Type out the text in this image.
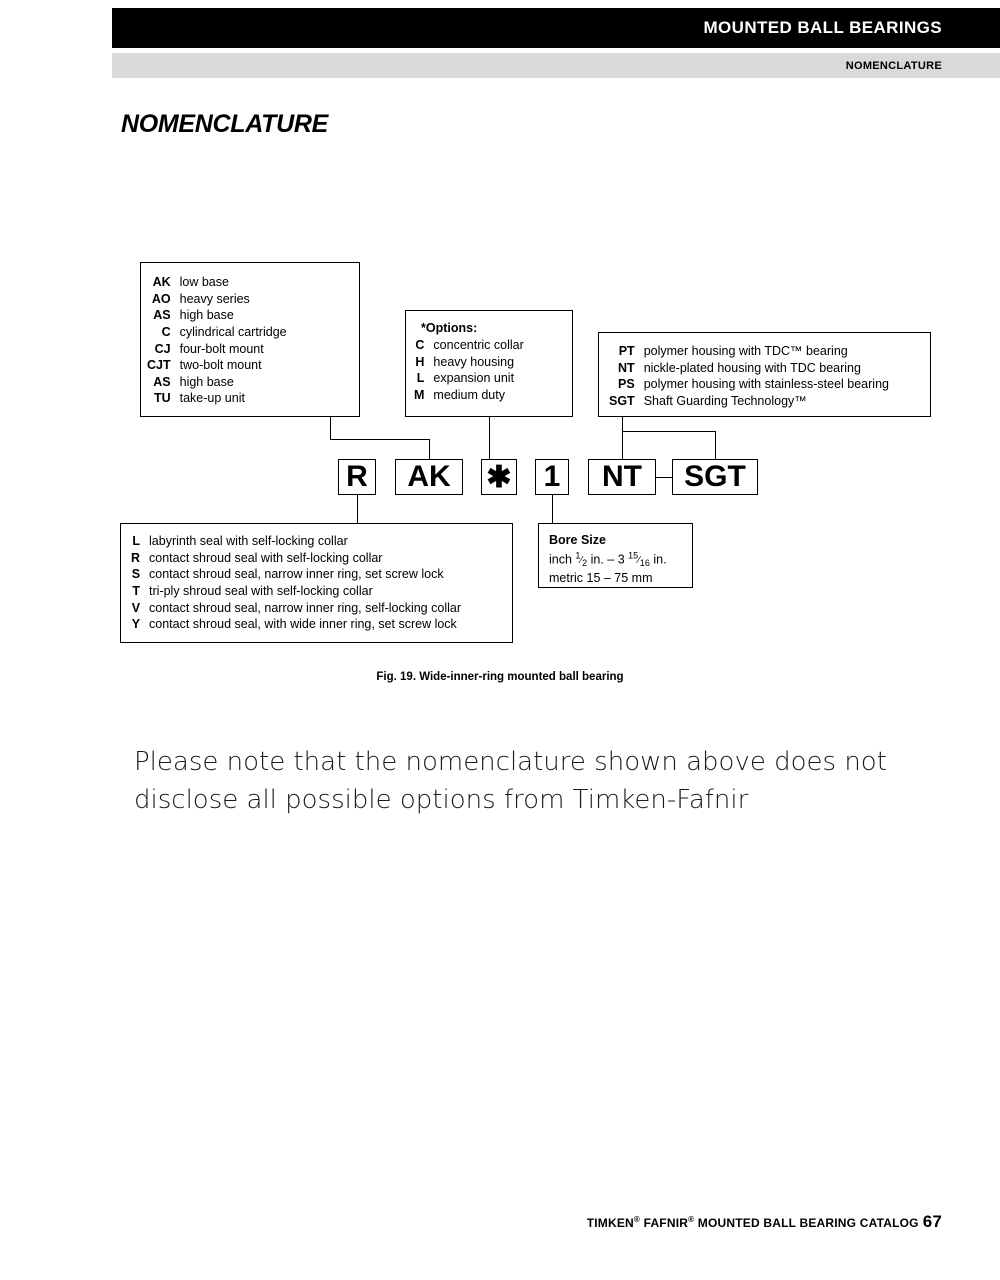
MOUNTED BALL BEARINGS
NOMENCLATURE
NOMENCLATURE
AK	low base
AO	heavy series
AS	high base
C	cylindrical cartridge
CJ	four-bolt mount
CJT	two-bolt mount
AS	high base
TU	take-up unit
*Options:
C	concentric collar
H	heavy housing
L	expansion unit
M	medium duty
PT	polymer housing with TDC™ bearing
NT	nickle-plated housing with TDC bearing
PS	polymer housing with stainless-steel bearing
SGT	Shaft Guarding Technology™
R	AK	✱ 1	NT	SGT
L	labyrinth seal with self-locking collar
R	contact shroud seal with self-locking collar
S	contact shroud seal, narrow inner ring, set screw lock
T	tri-ply shroud seal with self-locking collar
V	contact shroud seal, narrow inner ring, self-locking collar
Y	contact shroud seal, with wide inner ring, set screw lock
Bore Size
inch $^1⁄_2$ in. – 3 $^{15}⁄_{16}$ in.
metric 15 – 75 mm
Fig. 19. Wide-inner-ring mounted ball bearing
Please note that the nomenclature shown above does not disclose all possible options from Timken-Fafnir
TIMKEN® FAFNIR® MOUNTED BALL BEARING CATALOG 67
